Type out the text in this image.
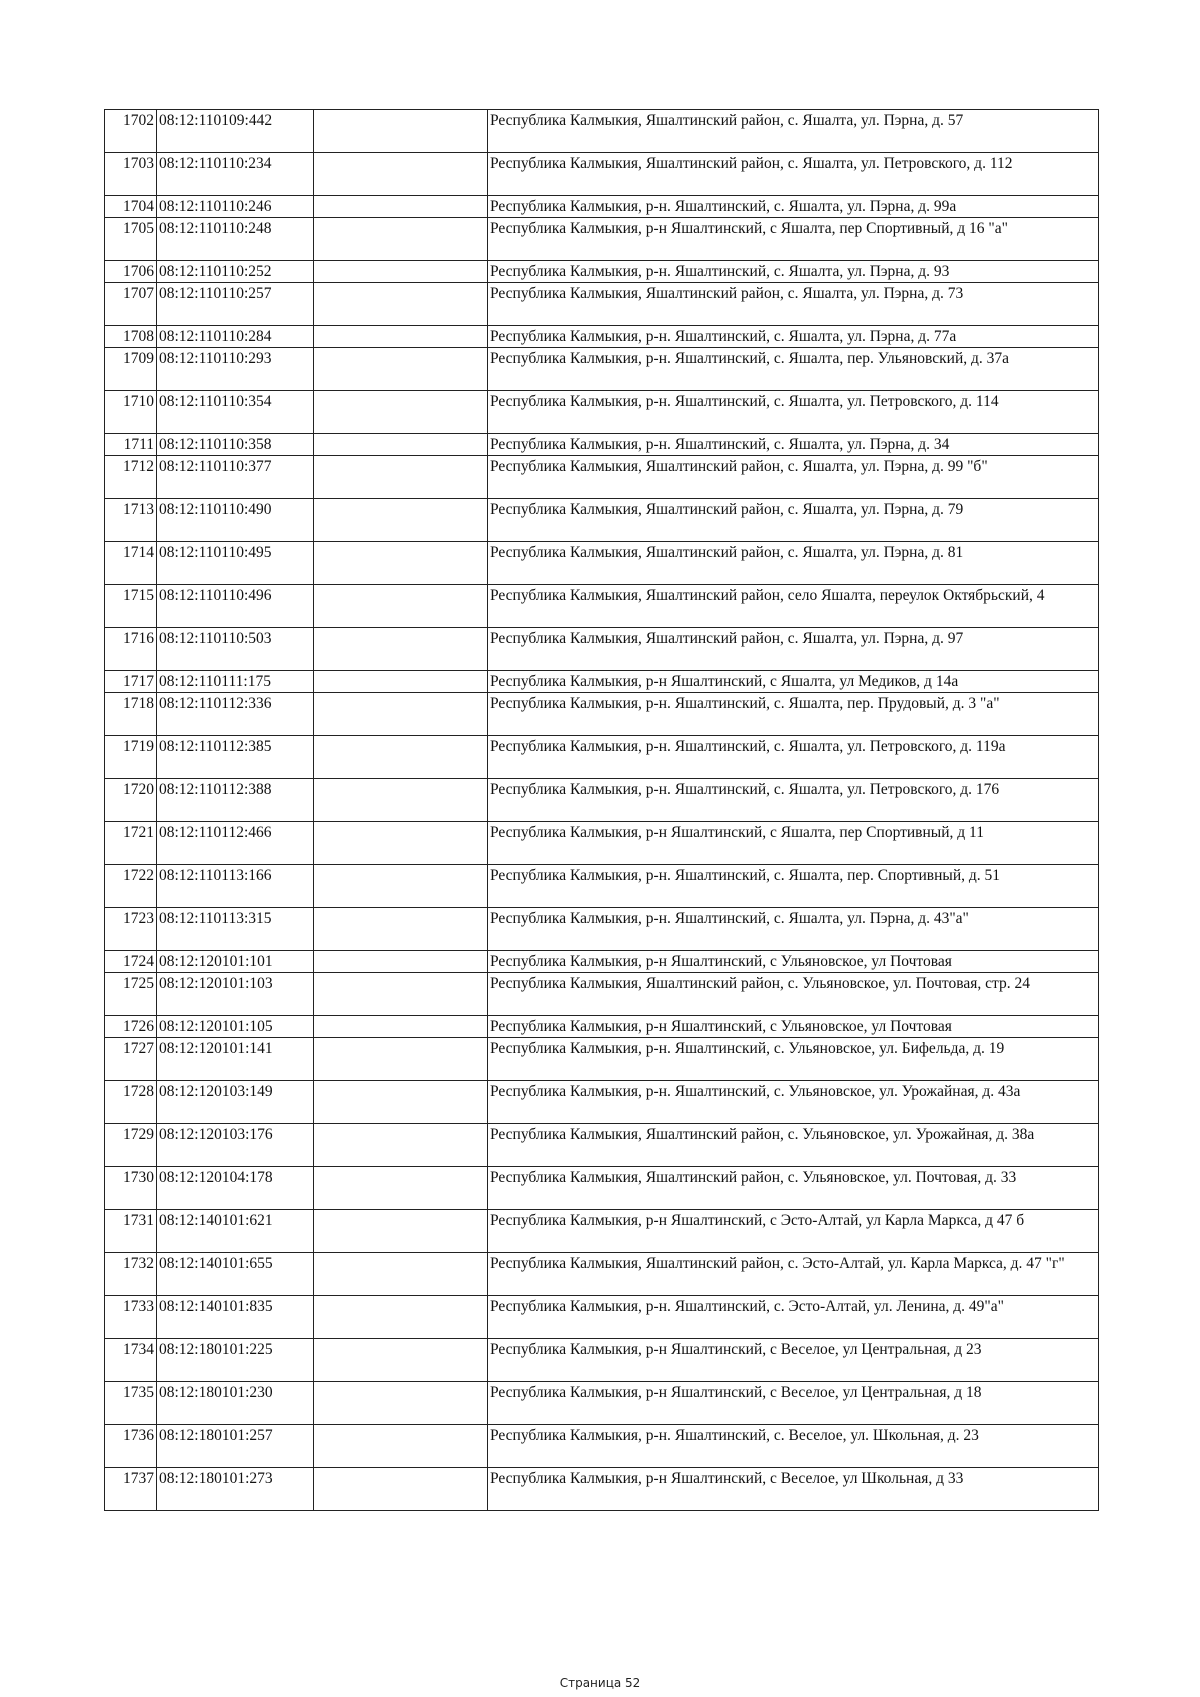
1702	08:12:110109:442		Республика Калмыкия, Яшалтинский район, с. Яшалта, ул. Пэрна, д. 57
1703	08:12:110110:234		Республика Калмыкия, Яшалтинский район, с. Яшалта, ул. Петровского, д. 112
1704	08:12:110110:246		Республика Калмыкия, р-н. Яшалтинский, с. Яшалта, ул. Пэрна, д. 99а
1705	08:12:110110:248		Республика Калмыкия, р-н Яшалтинский, с Яшалта, пер Спортивный, д 16 "а"
1706	08:12:110110:252		Республика Калмыкия, р-н. Яшалтинский, с. Яшалта, ул. Пэрна, д. 93
1707	08:12:110110:257		Республика Калмыкия, Яшалтинский район, с. Яшалта, ул. Пэрна, д. 73
1708	08:12:110110:284		Республика Калмыкия, р-н. Яшалтинский, с. Яшалта, ул. Пэрна, д. 77а
1709	08:12:110110:293		Республика Калмыкия, р-н. Яшалтинский, с. Яшалта, пер. Ульяновский, д. 37а
1710	08:12:110110:354		Республика Калмыкия, р-н. Яшалтинский, с. Яшалта, ул. Петровского, д. 114
1711	08:12:110110:358		Республика Калмыкия, р-н. Яшалтинский, с. Яшалта, ул. Пэрна, д. 34
1712	08:12:110110:377		Республика Калмыкия, Яшалтинский район, с. Яшалта, ул. Пэрна, д. 99 "б"
1713	08:12:110110:490		Республика Калмыкия, Яшалтинский район, с. Яшалта, ул. Пэрна, д. 79
1714	08:12:110110:495		Республика Калмыкия, Яшалтинский район, с. Яшалта, ул. Пэрна, д. 81
1715	08:12:110110:496		Республика Калмыкия, Яшалтинский район, село Яшалта, переулок Октябрьский, 4
1716	08:12:110110:503		Республика Калмыкия, Яшалтинский район, с. Яшалта, ул. Пэрна, д. 97
1717	08:12:110111:175		Республика Калмыкия, р-н Яшалтинский, с Яшалта, ул Медиков, д 14а
1718	08:12:110112:336		Республика Калмыкия, р-н. Яшалтинский, с. Яшалта, пер. Прудовый, д. 3 "а"
1719	08:12:110112:385		Республика Калмыкия, р-н. Яшалтинский, с. Яшалта, ул. Петровского, д. 119а
1720	08:12:110112:388		Республика Калмыкия, р-н. Яшалтинский, с. Яшалта, ул. Петровского, д. 176
1721	08:12:110112:466		Республика Калмыкия, р-н Яшалтинский, с Яшалта, пер Спортивный, д 11
1722	08:12:110113:166		Республика Калмыкия, р-н. Яшалтинский, с. Яшалта, пер. Спортивный, д. 51
1723	08:12:110113:315		Республика Калмыкия, р-н. Яшалтинский, с. Яшалта, ул. Пэрна, д. 43"а"
1724	08:12:120101:101		Республика Калмыкия, р-н Яшалтинский, с Ульяновское, ул Почтовая
1725	08:12:120101:103		Республика Калмыкия, Яшалтинский район, с. Ульяновское, ул. Почтовая, стр. 24
1726	08:12:120101:105		Республика Калмыкия, р-н Яшалтинский, с Ульяновское, ул Почтовая
1727	08:12:120101:141		Республика Калмыкия, р-н. Яшалтинский, с. Ульяновское, ул. Бифельда, д. 19
1728	08:12:120103:149		Республика Калмыкия, р-н. Яшалтинский, с. Ульяновское, ул. Урожайная, д. 43а
1729	08:12:120103:176		Республика Калмыкия, Яшалтинский район, с. Ульяновское, ул. Урожайная, д. 38а
1730	08:12:120104:178		Республика Калмыкия, Яшалтинский район, с. Ульяновское, ул. Почтовая, д. 33
1731	08:12:140101:621		Республика Калмыкия, р-н Яшалтинский, с Эсто-Алтай, ул Карла Маркса, д 47 б
1732	08:12:140101:655		Республика Калмыкия, Яшалтинский район, с. Эсто-Алтай, ул. Карла Маркса, д. 47 "г"
1733	08:12:140101:835		Республика Калмыкия, р-н. Яшалтинский, с. Эсто-Алтай, ул. Ленина, д. 49"а"
1734	08:12:180101:225		Республика Калмыкия, р-н Яшалтинский, с Веселое, ул Центральная, д 23
1735	08:12:180101:230		Республика Калмыкия, р-н Яшалтинский, с Веселое, ул Центральная, д 18
1736	08:12:180101:257		Республика Калмыкия, р-н. Яшалтинский, с. Веселое, ул. Школьная, д. 23
1737	08:12:180101:273		Республика Калмыкия, р-н Яшалтинский, с Веселое, ул Школьная, д 33
Страница 52
